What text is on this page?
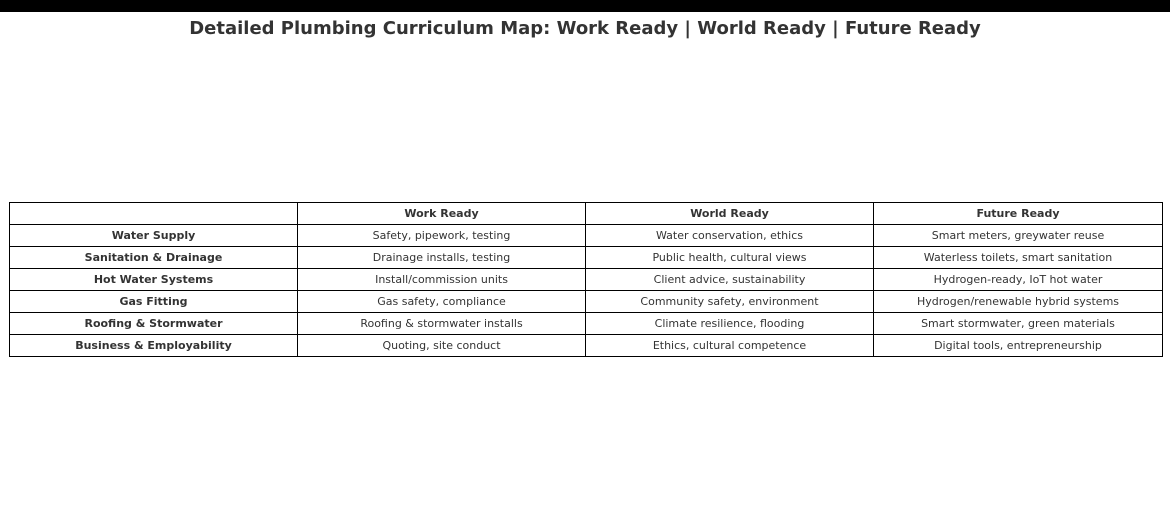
Detailed Plumbing Curriculum Map: Work Ready | World Ready | Future Ready
	Work Ready	World Ready	Future Ready
Water Supply	Safety, pipework, testing	Water conservation, ethics	Smart meters, greywater reuse
Sanitation & Drainage	Drainage installs, testing	Public health, cultural views	Waterless toilets, smart sanitation
Hot Water Systems	Install/commission units	Client advice, sustainability	Hydrogen-ready, IoT hot water
Gas Fitting	Gas safety, compliance	Community safety, environment	Hydrogen/renewable hybrid systems
Roofing & Stormwater	Roofing & stormwater installs	Climate resilience, flooding	Smart stormwater, green materials
Business & Employability	Quoting, site conduct	Ethics, cultural competence	Digital tools, entrepreneurship
